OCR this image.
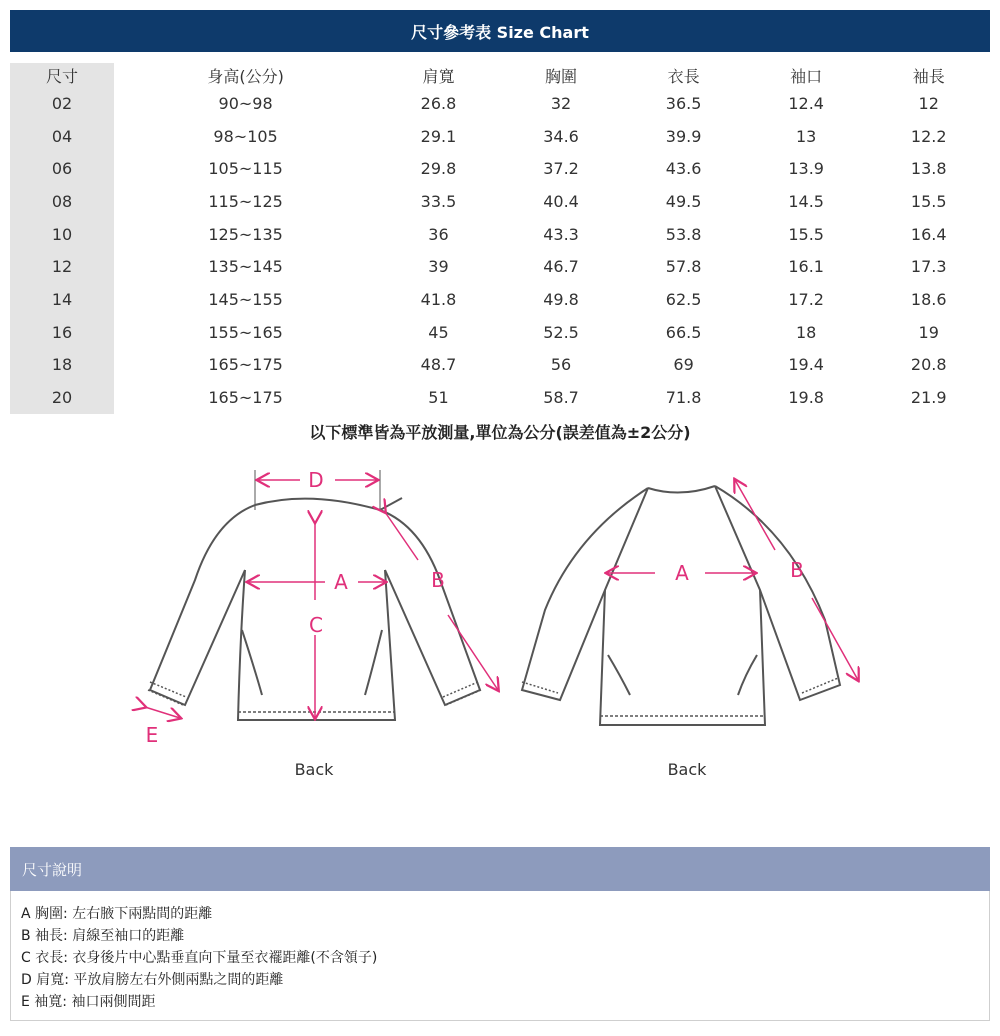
尺寸參考表 Size Chart
尺寸	身高(公分)	肩寬	胸圍	衣長	袖口	袖長
02	90~98	26.8	32	36.5	12.4	12
04	98~105	29.1	34.6	39.9	13	12.2
06	105~115	29.8	37.2	43.6	13.9	13.8
08	115~125	33.5	40.4	49.5	14.5	15.5
10	125~135	36	43.3	53.8	15.5	16.4
12	135~145	39	46.7	57.8	16.1	17.3
14	145~155	41.8	49.8	62.5	17.2	18.6
16	155~165	45	52.5	66.5	18	19
18	165~175	48.7	56	69	19.4	20.8
20	165~175	51	58.7	71.8	19.8	21.9
以下標準皆為平放測量,單位為公分(誤差值為±2公分)
D
A
C
B
E
Back
A	B
Back
尺寸說明
A 胸圍: 左右腋下兩點間的距離
B 袖長: 肩線至袖口的距離
C 衣長: 衣身後片中心點垂直向下量至衣襬距離(不含領子)
D 肩寬: 平放肩膀左右外側兩點之間的距離
E 袖寬: 袖口兩側間距
